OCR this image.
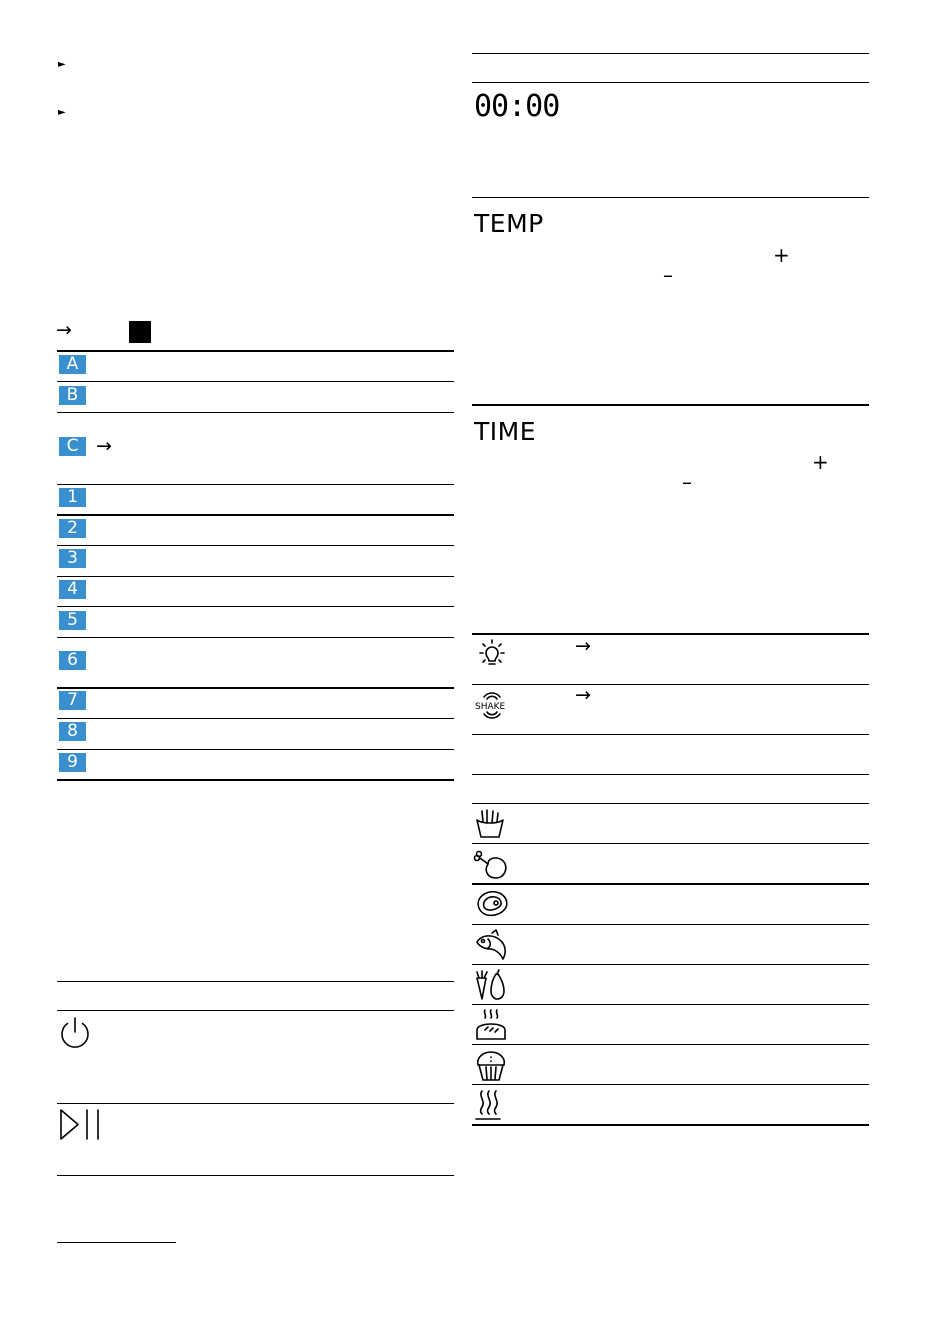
►
►
→
A
B
C →
1
2
3
4
5
6
7
8
9
00:00
TEMP
+
–
TIME
+
–
→
SHAKE
→
